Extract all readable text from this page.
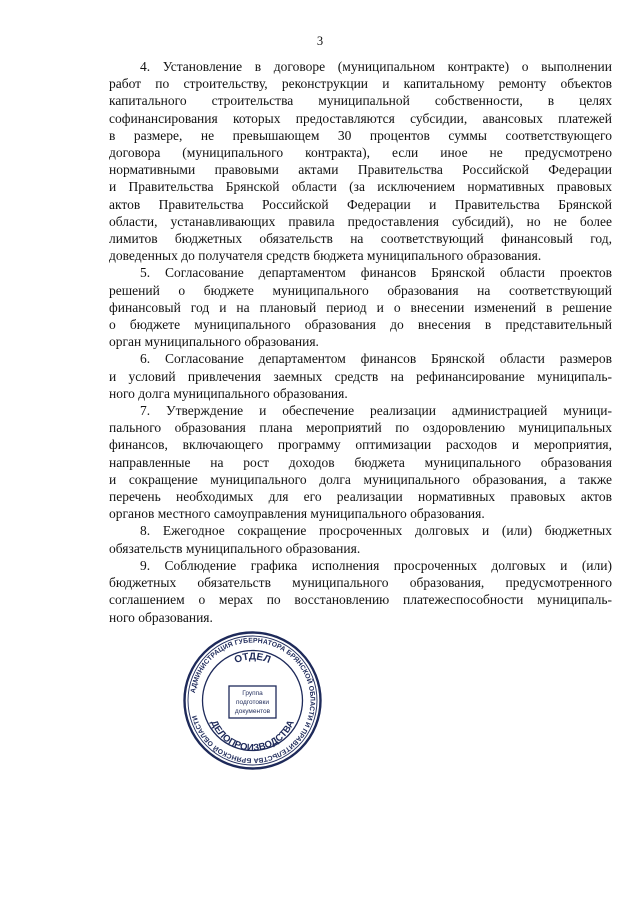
3
4. Установление в договоре (муниципальном контракте) о выполнении
работ по строительству, реконструкции и капитальному ремонту объектов
капитального строительства муниципальной собственности, в целях
софинансирования которых предоставляются субсидии, авансовых платежей
в размере, не превышающем 30 процентов суммы соответствующего
договора (муниципального контракта), если иное не предусмотрено
нормативными правовыми актами Правительства Российской Федерации
и Правительства Брянской области (за исключением нормативных правовых
актов Правительства Российской Федерации и Правительства Брянской
области, устанавливающих правила предоставления субсидий), но не более
лимитов бюджетных обязательств на соответствующий финансовый год,
доведенных до получателя средств бюджета муниципального образования.
5. Согласование департаментом финансов Брянской области проектов
решений о бюджете муниципального образования на соответствующий
финансовый год и на плановый период и о внесении изменений в решение
о бюджете муниципального образования до внесения в представительный
орган муниципального образования.
6. Согласование департаментом финансов Брянской области размеров
и условий привлечения заемных средств на рефинансирование муниципаль-
ного долга муниципального образования.
7. Утверждение и обеспечение реализации администрацией муници-
пального образования плана мероприятий по оздоровлению муниципальных
финансов, включающего программу оптимизации расходов и мероприятия,
направленные на рост доходов бюджета муниципального образования
и сокращение муниципального долга муниципального образования, а также
перечень необходимых для его реализации нормативных правовых актов
органов местного самоуправления муниципального образования.
8. Ежегодное сокращение просроченных долговых и (или) бюджетных
обязательств муниципального образования.
9. Соблюдение графика исполнения просроченных долговых и (или)
бюджетных обязательств муниципального образования, предусмотренного
соглашением о мерах по восстановлению платежеспособности муниципаль-
ного образования.
АДМИНИСТРАЦИЯ ГУБЕРНАТОРА БРЯНСКОЙ ОБЛАСТИ И ПРАВИТЕЛЬСТВА БРЯНСКОЙ ОБЛАСТИ
ОТДЕЛ
ДЕЛОПРОИЗВОДСТВА
Группа
подготовки
документов
